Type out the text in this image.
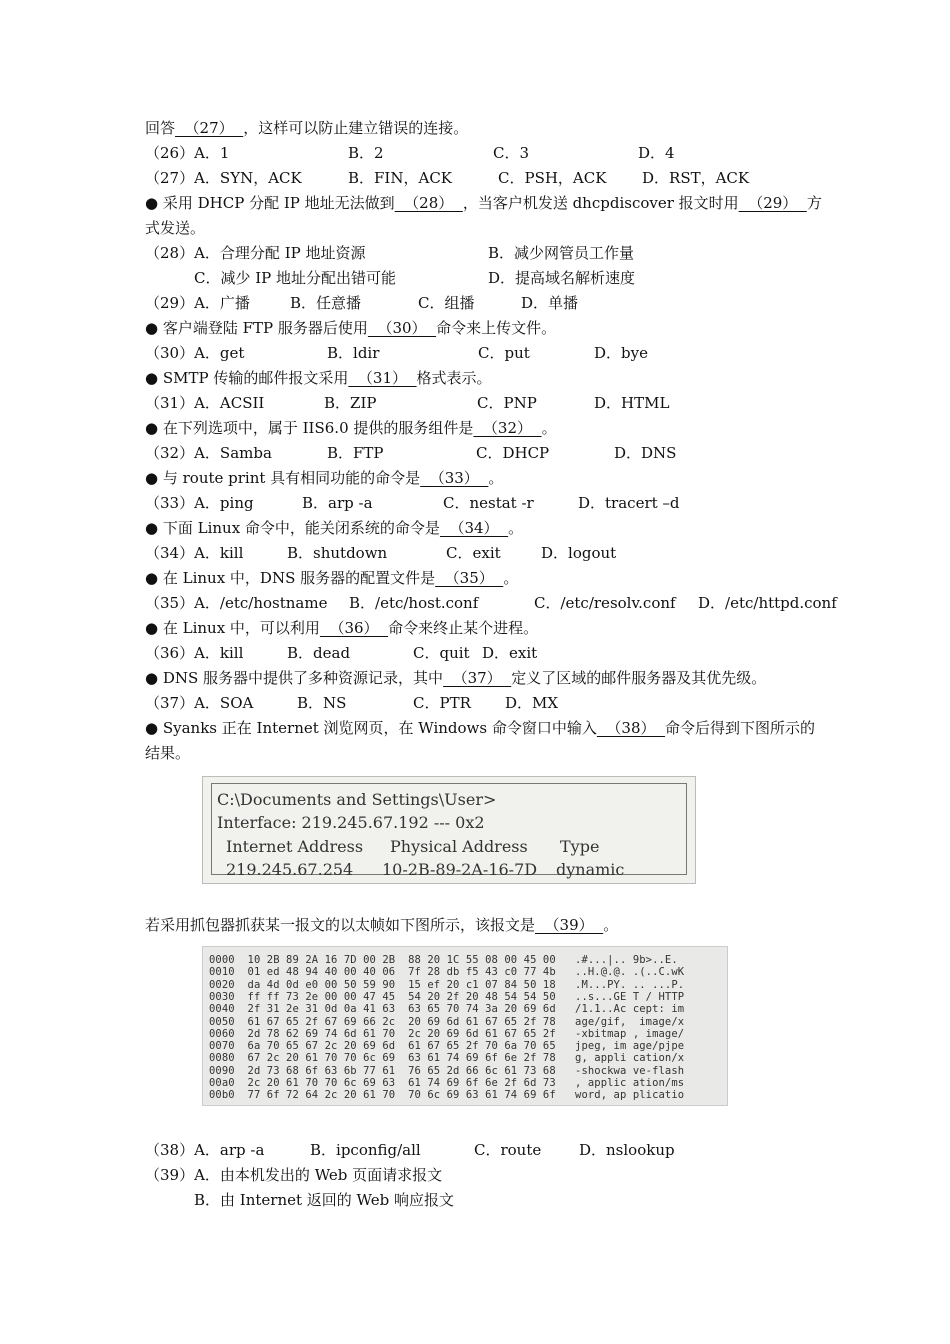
回答  （27）  ，这样可以防止建立错误的连接。
（26）A．1	B．2	C．3	D．4
（27）A．SYN，ACK	B．FIN，ACK	C．PSH，ACK D．RST，ACK
● 采用 DHCP 分配 IP 地址无法做到  （28）  ，当客户机发送 dhcpdiscover 报文时用  （29）  方
式发送。
（28）A．合理分配 IP 地址资源	B．减少网管员工作量
C．减少 IP 地址分配出错可能	D．提高域名解析速度
（29）A．广播	B．任意播	C．组播	D．单播
● 客户端登陆 FTP 服务器后使用  （30）  命令来上传文件。
（30）A．get	B．ldir	C．put	D．bye
● SMTP 传输的邮件报文采用  （31）  格式表示。
（31）A．ACSII	B．ZIP	C．PNP	D．HTML
● 在下列选项中，属于 IIS6.0 提供的服务组件是  （32）  。
（32）A．Samba	B．FTP	C．DHCP	D．DNS
● 与 route print 具有相同功能的命令是  （33）  。
（33）A．ping	B．arp -a	C．nestat -r	D．tracert –d
● 下面 Linux 命令中，能关闭系统的命令是  （34）  。
（34）A．kill	B．shutdown	C．exit	D．logout
● 在 Linux 中，DNS 服务器的配置文件是  （35）  。
（35）A．/etc/hostname B．/etc/host.conf	C．/etc/resolv.conf D．/etc/httpd.conf
● 在 Linux 中，可以利用  （36）  命令来终止某个进程。
（36）A．kill	B．dead	C．quit D．exit
● DNS 服务器中提供了多种资源记录，其中  （37）  定义了区域的邮件服务器及其优先级。
（37）A．SOA	B．NS	C．PTR D．MX
● Syanks 正在 Internet 浏览网页，在 Windows 命令窗口中输入  （38）  命令后得到下图所示的
结果。
若采用抓包器抓获某一报文的以太帧如下图所示，该报文是  （39）  。
（38）A．arp -a	B．ipconfig/all	C．route	D．nslookup
（39）A．由本机发出的 Web 页面请求报文
B．由 Internet 返回的 Web 响应报文
C:\Documents and Settings\User>
Interface: 219.245.67.192 --- 0x2
Internet Address Physical Address Type
219.245.67.254 10-2B-89-2A-16-7D dynamic
0000  10 2B 89 2A 16 7D 00 2B  88 20 1C 55 08 00 45 00   .#...|.. 9b>..E.
0010  01 ed 48 94 40 00 40 06  7f 28 db f5 43 c0 77 4b   ..H.@.@. .(..C.wK
0020  da 4d 0d e0 00 50 59 90  15 ef 20 c1 07 84 50 18   .M...PY. .. ...P.
0030  ff ff 73 2e 00 00 47 45  54 20 2f 20 48 54 54 50   ..s...GE T / HTTP
0040  2f 31 2e 31 0d 0a 41 63  63 65 70 74 3a 20 69 6d   /1.1..Ac cept: im
0050  61 67 65 2f 67 69 66 2c  20 69 6d 61 67 65 2f 78   age/gif,  image/x
0060  2d 78 62 69 74 6d 61 70  2c 20 69 6d 61 67 65 2f   -xbitmap , image/
0070  6a 70 65 67 2c 20 69 6d  61 67 65 2f 70 6a 70 65   jpeg, im age/pjpe
0080  67 2c 20 61 70 70 6c 69  63 61 74 69 6f 6e 2f 78   g, appli cation/x
0090  2d 73 68 6f 63 6b 77 61  76 65 2d 66 6c 61 73 68   -shockwa ve-flash
00a0  2c 20 61 70 70 6c 69 63  61 74 69 6f 6e 2f 6d 73   , applic ation/ms
00b0  77 6f 72 64 2c 20 61 70  70 6c 69 63 61 74 69 6f   word, ap plicatio
